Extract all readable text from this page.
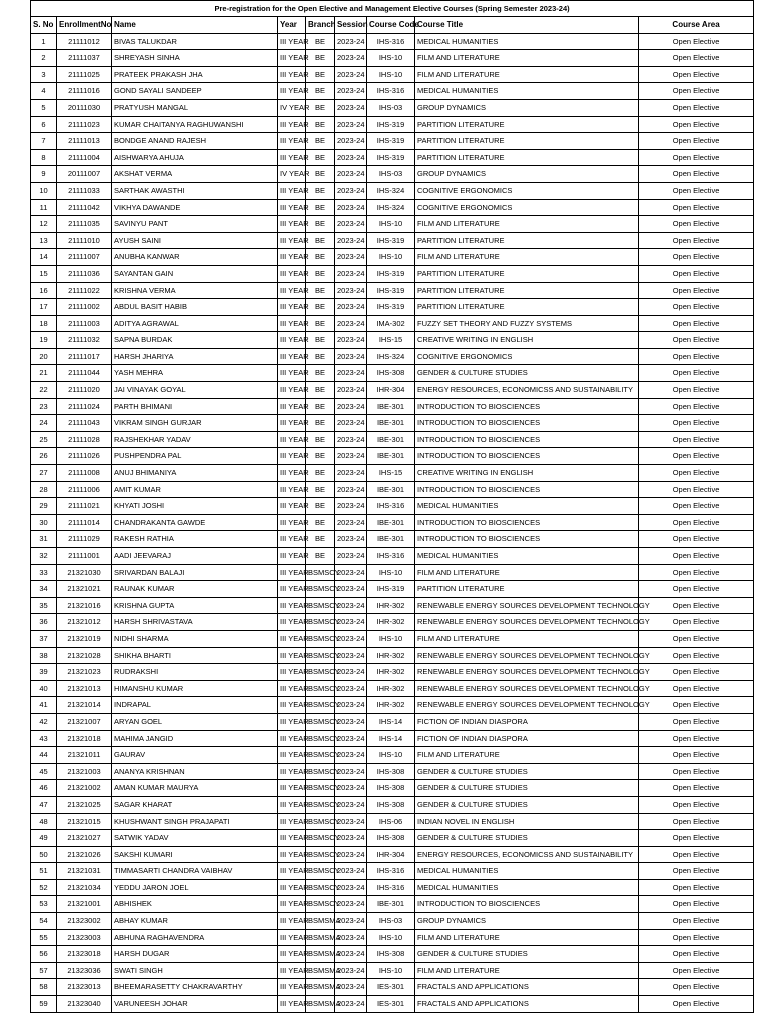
Pre-registration for the Open Elective and Management Elective Courses (Spring Semester 2023-24)								
S. No	EnrollmentNo	Name	Year	Branch	Session	Course Code	Course Title	Course Area
1	21111012	BIVAS TALUKDAR	III YEAR	BE	2023-24	IHS-316	MEDICAL HUMANITIES	Open Elective
2	21111037	SHREYASH SINHA	III YEAR	BE	2023-24	IHS-10	FILM AND LITERATURE	Open Elective
3	21111025	PRATEEK PRAKASH JHA	III YEAR	BE	2023-24	IHS-10	FILM AND LITERATURE	Open Elective
4	21111016	GOND SAYALI SANDEEP	III YEAR	BE	2023-24	IHS-316	MEDICAL HUMANITIES	Open Elective
5	20111030	PRATYUSH MANGAL	IV YEAR	BE	2023-24	IHS-03	GROUP DYNAMICS	Open Elective
6	21111023	KUMAR CHAITANYA RAGHUWANSHI	III YEAR	BE	2023-24	IHS-319	PARTITION LITERATURE	Open Elective
7	21111013	BONDGE ANAND RAJESH	III YEAR	BE	2023-24	IHS-319	PARTITION LITERATURE	Open Elective
8	21111004	AISHWARYA AHUJA	III YEAR	BE	2023-24	IHS-319	PARTITION LITERATURE	Open Elective
9	20111007	AKSHAT VERMA	IV YEAR	BE	2023-24	IHS-03	GROUP DYNAMICS	Open Elective
10	21111033	SARTHAK AWASTHI	III YEAR	BE	2023-24	IHS-324	COGNITIVE ERGONOMICS	Open Elective
11	21111042	VIKHYA DAWANDE	III YEAR	BE	2023-24	IHS-324	COGNITIVE ERGONOMICS	Open Elective
12	21111035	SAVINYU PANT	III YEAR	BE	2023-24	IHS-10	FILM AND LITERATURE	Open Elective
13	21111010	AYUSH SAINI	III YEAR	BE	2023-24	IHS-319	PARTITION LITERATURE	Open Elective
14	21111007	ANUBHA KANWAR	III YEAR	BE	2023-24	IHS-10	FILM AND LITERATURE	Open Elective
15	21111036	SAYANTAN GAIN	III YEAR	BE	2023-24	IHS-319	PARTITION LITERATURE	Open Elective
16	21111022	KRISHNA VERMA	III YEAR	BE	2023-24	IHS-319	PARTITION LITERATURE	Open Elective
17	21111002	ABDUL BASIT HABIB	III YEAR	BE	2023-24	IHS-319	PARTITION LITERATURE	Open Elective
18	21111003	ADITYA AGRAWAL	III YEAR	BE	2023-24	IMA-302	FUZZY SET THEORY AND FUZZY SYSTEMS	Open Elective
19	21111032	SAPNA BURDAK	III YEAR	BE	2023-24	IHS-15	CREATIVE WRITING IN ENGLISH	Open Elective
20	21111017	HARSH JHARIYA	III YEAR	BE	2023-24	IHS-324	COGNITIVE ERGONOMICS	Open Elective
21	21111044	YASH MEHRA	III YEAR	BE	2023-24	IHS-308	GENDER & CULTURE STUDIES	Open Elective
22	21111020	JAI VINAYAK GOYAL	III YEAR	BE	2023-24	IHR-304	ENERGY RESOURCES, ECONOMICSS AND SUSTAINABILITY	Open Elective
23	21111024	PARTH BHIMANI	III YEAR	BE	2023-24	IBE-301	INTRODUCTION TO BIOSCIENCES	Open Elective
24	21111043	VIKRAM SINGH GURJAR	III YEAR	BE	2023-24	IBE-301	INTRODUCTION TO BIOSCIENCES	Open Elective
25	21111028	RAJSHEKHAR YADAV	III YEAR	BE	2023-24	IBE-301	INTRODUCTION TO BIOSCIENCES	Open Elective
26	21111026	PUSHPENDRA PAL	III YEAR	BE	2023-24	IBE-301	INTRODUCTION TO BIOSCIENCES	Open Elective
27	21111008	ANUJ BHIMANIYA	III YEAR	BE	2023-24	IHS-15	CREATIVE WRITING IN ENGLISH	Open Elective
28	21111006	AMIT KUMAR	III YEAR	BE	2023-24	IBE-301	INTRODUCTION TO BIOSCIENCES	Open Elective
29	21111021	KHYATI JOSHI	III YEAR	BE	2023-24	IHS-316	MEDICAL HUMANITIES	Open Elective
30	21111014	CHANDRAKANTA GAWDE	III YEAR	BE	2023-24	IBE-301	INTRODUCTION TO BIOSCIENCES	Open Elective
31	21111029	RAKESH RATHIA	III YEAR	BE	2023-24	IBE-301	INTRODUCTION TO BIOSCIENCES	Open Elective
32	21111001	AADI JEEVARAJ	III YEAR	BE	2023-24	IHS-316	MEDICAL HUMANITIES	Open Elective
33	21321030	SRIVARDAN BALAJI	III YEAR	BSMSCY	2023-24	IHS-10	FILM AND LITERATURE	Open Elective
34	21321021	RAUNAK KUMAR	III YEAR	BSMSCY	2023-24	IHS-319	PARTITION LITERATURE	Open Elective
35	21321016	KRISHNA GUPTA	III YEAR	BSMSCY	2023-24	IHR-302	RENEWABLE ENERGY SOURCES DEVELOPMENT TECHNOLOGY	Open Elective
36	21321012	HARSH SHRIVASTAVA	III YEAR	BSMSCY	2023-24	IHR-302	RENEWABLE ENERGY SOURCES DEVELOPMENT TECHNOLOGY	Open Elective
37	21321019	NIDHI SHARMA	III YEAR	BSMSCY	2023-24	IHS-10	FILM AND LITERATURE	Open Elective
38	21321028	SHIKHA BHARTI	III YEAR	BSMSCY	2023-24	IHR-302	RENEWABLE ENERGY SOURCES DEVELOPMENT TECHNOLOGY	Open Elective
39	21321023	RUDRAKSHI	III YEAR	BSMSCY	2023-24	IHR-302	RENEWABLE ENERGY SOURCES DEVELOPMENT TECHNOLOGY	Open Elective
40	21321013	HIMANSHU KUMAR	III YEAR	BSMSCY	2023-24	IHR-302	RENEWABLE ENERGY SOURCES DEVELOPMENT TECHNOLOGY	Open Elective
41	21321014	INDRAPAL	III YEAR	BSMSCY	2023-24	IHR-302	RENEWABLE ENERGY SOURCES DEVELOPMENT TECHNOLOGY	Open Elective
42	21321007	ARYAN GOEL	III YEAR	BSMSCY	2023-24	IHS-14	FICTION OF INDIAN DIASPORA	Open Elective
43	21321018	MAHIMA JANGID	III YEAR	BSMSCY	2023-24	IHS-14	FICTION OF INDIAN DIASPORA	Open Elective
44	21321011	GAURAV	III YEAR	BSMSCY	2023-24	IHS-10	FILM AND LITERATURE	Open Elective
45	21321003	ANANYA KRISHNAN	III YEAR	BSMSCY	2023-24	IHS-308	GENDER & CULTURE STUDIES	Open Elective
46	21321002	AMAN KUMAR MAURYA	III YEAR	BSMSCY	2023-24	IHS-308	GENDER & CULTURE STUDIES	Open Elective
47	21321025	SAGAR KHARAT	III YEAR	BSMSCY	2023-24	IHS-308	GENDER & CULTURE STUDIES	Open Elective
48	21321015	KHUSHWANT SINGH PRAJAPATI	III YEAR	BSMSCY	2023-24	IHS-06	INDIAN NOVEL IN ENGLISH	Open Elective
49	21321027	SATWIK YADAV	III YEAR	BSMSCY	2023-24	IHS-308	GENDER & CULTURE STUDIES	Open Elective
50	21321026	SAKSHI KUMARI	III YEAR	BSMSCY	2023-24	IHR-304	ENERGY RESOURCES, ECONOMICSS AND SUSTAINABILITY	Open Elective
51	21321031	TIMMASARTI CHANDRA VAIBHAV	III YEAR	BSMSCY	2023-24	IHS-316	MEDICAL HUMANITIES	Open Elective
52	21321034	YEDDU JARON JOEL	III YEAR	BSMSCY	2023-24	IHS-316	MEDICAL HUMANITIES	Open Elective
53	21321001	ABHISHEK	III YEAR	BSMSCY	2023-24	IBE-301	INTRODUCTION TO BIOSCIENCES	Open Elective
54	21323002	ABHAY KUMAR	III YEAR	BSMSMA	2023-24	IHS-03	GROUP DYNAMICS	Open Elective
55	21323003	ABHUNA RAGHAVENDRA	III YEAR	BSMSMA	2023-24	IHS-10	FILM AND LITERATURE	Open Elective
56	21323018	HARSH DUGAR	III YEAR	BSMSMA	2023-24	IHS-308	GENDER & CULTURE STUDIES	Open Elective
57	21323036	SWATI SINGH	III YEAR	BSMSMA	2023-24	IHS-10	FILM AND LITERATURE	Open Elective
58	21323013	BHEEMARASETTY CHAKRAVARTHY	III YEAR	BSMSMA	2023-24	IES-301	FRACTALS AND APPLICATIONS	Open Elective
59	21323040	VARUNEESH JOHAR	III YEAR	BSMSMA	2023-24	IES-301	FRACTALS AND APPLICATIONS	Open Elective
